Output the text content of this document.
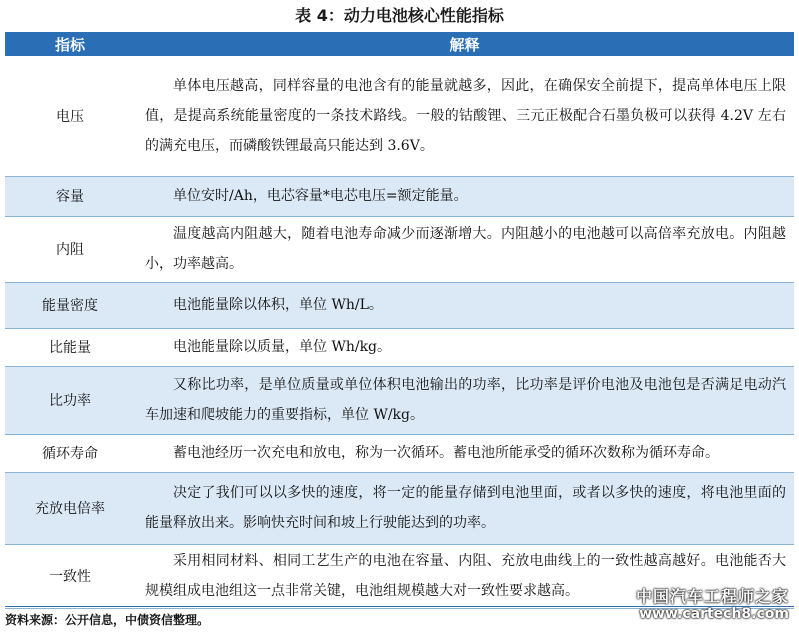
表 4：动力电池核心性能指标
指标	解释
电压	单体电压越高，同样容量的电池含有的能量就越多，因此，在确保安全前提下，提高单体电压上限值，是提高系统能量密度的一条技术路线。一般的钴酸锂、三元正极配合石墨负极可以获得 4.2V 左右的满充电压，而磷酸铁锂最高只能达到 3.6V。
容量	单位安时/Ah，电芯容量*电芯电压=额定能量。
内阻	温度越高内阻越大，随着电池寿命减少而逐渐增大。内阻越小的电池越可以高倍率充放电。内阻越小，功率越高。
能量密度	电池能量除以体积，单位 Wh/L。
比能量	电池能量除以质量，单位 Wh/kg。
比功率	又称比功率，是单位质量或单位体积电池输出的功率，比功率是评价电池及电池包是否满足电动汽车加速和爬坡能力的重要指标，单位 W/kg。
循环寿命	蓄电池经历一次充电和放电，称为一次循环。蓄电池所能承受的循环次数称为循环寿命。
充放电倍率	决定了我们可以以多快的速度，将一定的能量存储到电池里面，或者以多快的速度，将电池里面的能量释放出来。影响快充时间和坡上行驶能达到的功率。
一致性	采用相同材料、相同工艺生产的电池在容量、内阻、充放电曲线上的一致性越高越好。电池能否大规模组成电池组这一点非常关键，电池组规模越大对一致性要求越高。	中国汽车工程师之家
www.cartech8.com
资料来源：公开信息，中债资信整理。
